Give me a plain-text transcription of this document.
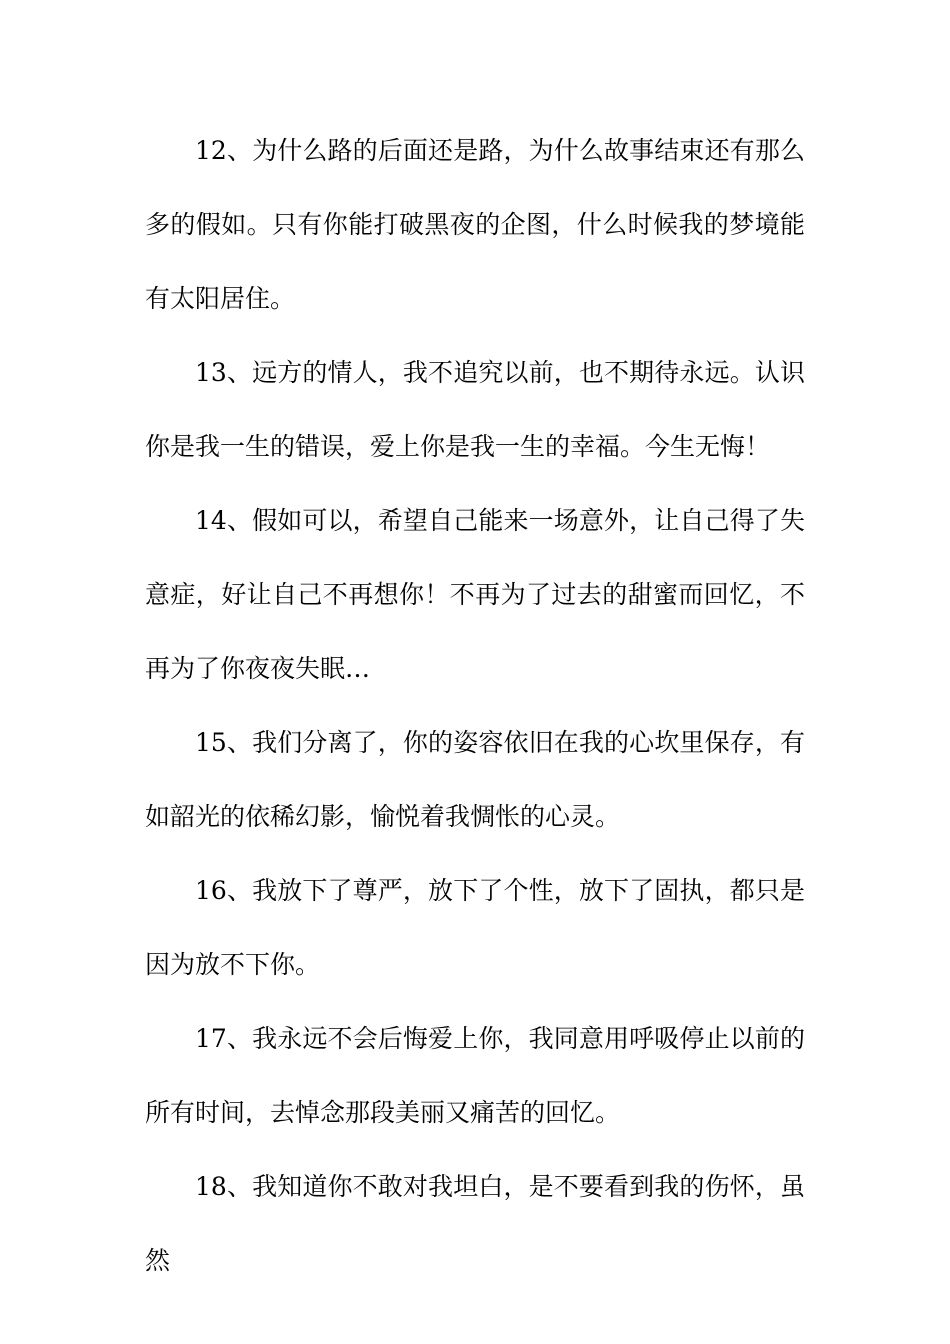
12、为什么路的后面还是路，为什么故事结束还有那么多的假如。只有你能打破黑夜的企图，什么时候我的梦境能有太阳居住。

13、远方的情人，我不追究以前，也不期待永远。认识你是我一生的错误，爱上你是我一生的幸福。今生无悔！

14、假如可以，希望自己能来一场意外，让自己得了失意症，好让自己不再想你！不再为了过去的甜蜜而回忆，不再为了你夜夜失眠…

15、我们分离了，你的姿容依旧在我的心坎里保存，有如韶光的依稀幻影，愉悦着我惆怅的心灵。

16、我放下了尊严，放下了个性，放下了固执，都只是因为放不下你。

17、我永远不会后悔爱上你，我同意用呼吸停止以前的所有时间，去悼念那段美丽又痛苦的回忆。

18、我知道你不敢对我坦白，是不要看到我的伤怀，虽然
